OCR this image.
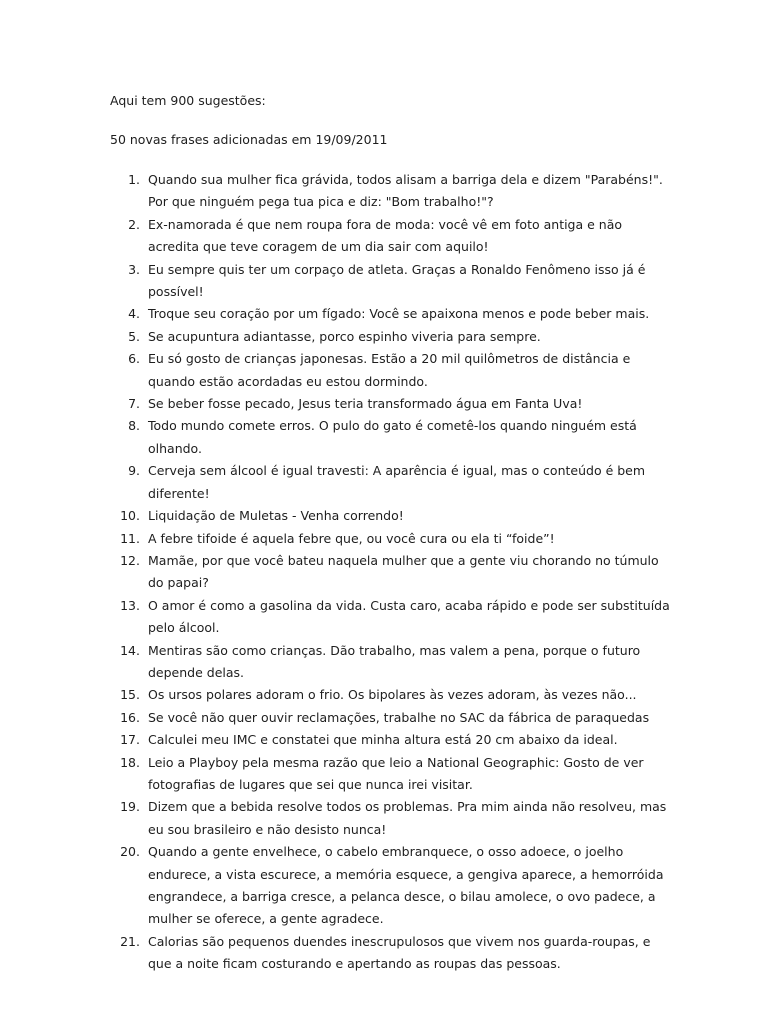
Aqui tem 900 sugestões:

50 novas frases adicionadas em 19/09/2011

1. Quando sua mulher fica grávida, todos alisam a barriga dela e dizem "Parabéns!". Por que ninguém pega tua pica e diz: "Bom trabalho!"?
2. Ex-namorada é que nem roupa fora de moda: você vê em foto antiga e não acredita que teve coragem de um dia sair com aquilo!
3. Eu sempre quis ter um corpaço de atleta. Graças a Ronaldo Fenômeno isso já é possível!
4. Troque seu coração por um fígado: Você se apaixona menos e pode beber mais.
5. Se acupuntura adiantasse, porco espinho viveria para sempre.
6. Eu só gosto de crianças japonesas. Estão a 20 mil quilômetros de distância e quando estão acordadas eu estou dormindo.
7. Se beber fosse pecado, Jesus teria transformado água em Fanta Uva!
8. Todo mundo comete erros. O pulo do gato é cometê-los quando ninguém está olhando.
9. Cerveja sem álcool é igual travesti: A aparência é igual, mas o conteúdo é bem diferente!
10. Liquidação de Muletas - Venha correndo!
11. A febre tifoide é aquela febre que, ou você cura ou ela ti “foide”!
12. Mamãe, por que você bateu naquela mulher que a gente viu chorando no túmulo do papai?
13. O amor é como a gasolina da vida. Custa caro, acaba rápido e pode ser substituída pelo álcool.
14. Mentiras são como crianças. Dão trabalho, mas valem a pena, porque o futuro depende delas.
15. Os ursos polares adoram o frio. Os bipolares às vezes adoram, às vezes não...
16. Se você não quer ouvir reclamações, trabalhe no SAC da fábrica de paraquedas
17. Calculei meu IMC e constatei que minha altura está 20 cm abaixo da ideal.
18. Leio a Playboy pela mesma razão que leio a National Geographic: Gosto de ver fotografias de lugares que sei que nunca irei visitar.
19. Dizem que a bebida resolve todos os problemas. Pra mim ainda não resolveu, mas eu sou brasileiro e não desisto nunca!
20. Quando a gente envelhece, o cabelo embranquece, o osso adoece, o joelho endurece, a vista escurece, a memória esquece, a gengiva aparece, a hemorróida engrandece, a barriga cresce, a pelanca desce, o bilau amolece, o ovo padece, a mulher se oferece, a gente agradece.
21. Calorias são pequenos duendes inescrupulosos que vivem nos guarda-roupas, e que a noite ficam costurando e apertando as roupas das pessoas.
